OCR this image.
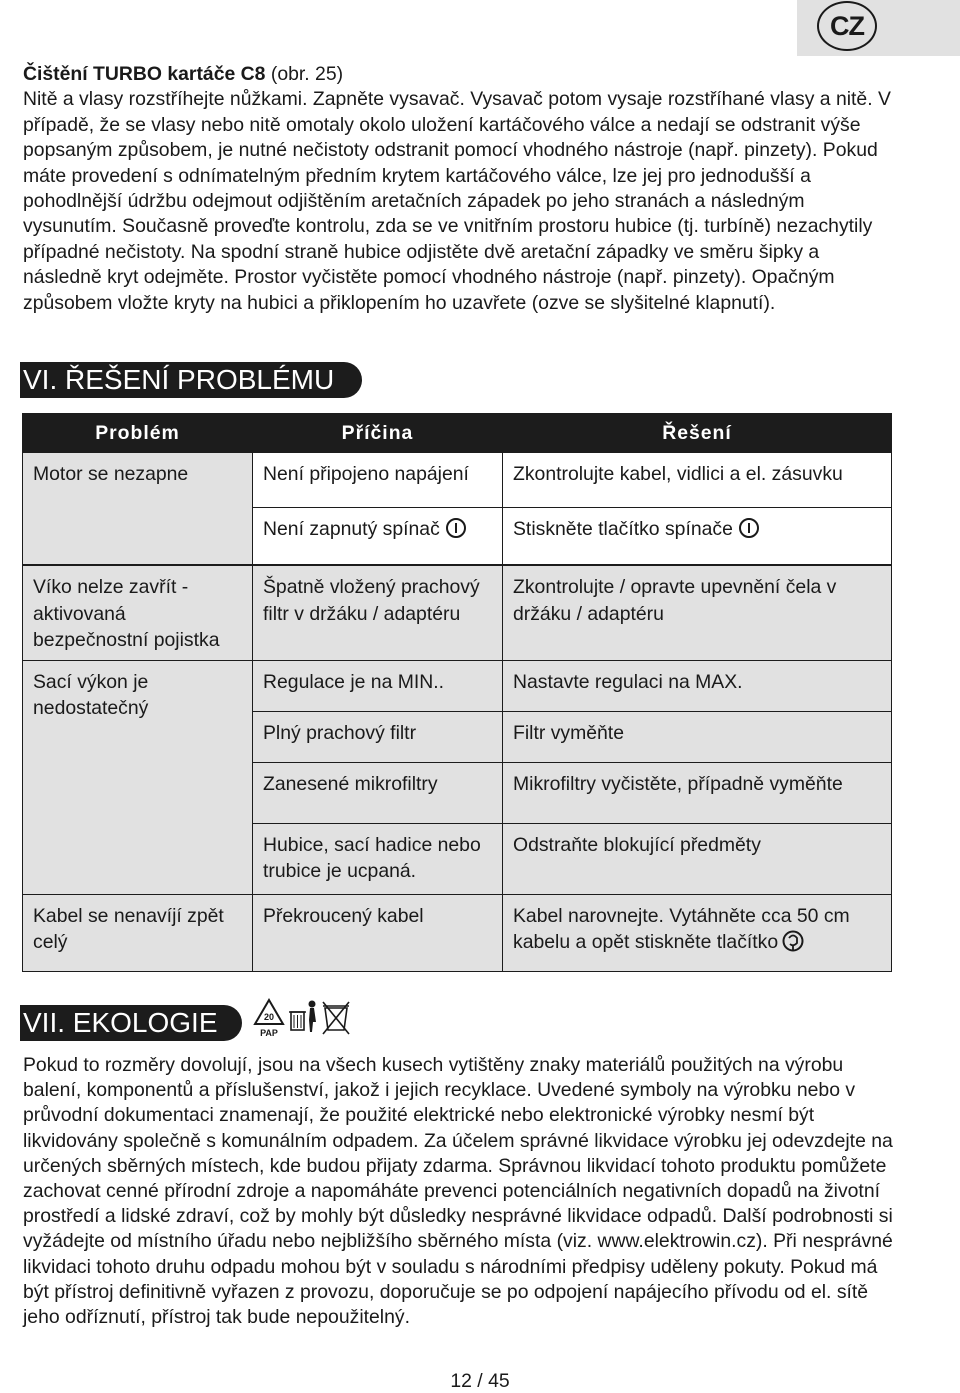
CZ

Čištění TURBO kartáče C8 (obr. 25)
Nitě a vlasy rozstříhejte nůžkami. Zapněte vysavač. Vysavač potom vysaje rozstříhané vlasy a nitě. V případě, že se vlasy nebo nitě omotaly okolo uložení kartáčového válce a nedají se odstranit výše popsaným způsobem, je nutné nečistoty odstranit pomocí vhodného nástroje (např. pinzety). Pokud máte provedení s odnímatelným předním krytem kartáčového válce, lze jej pro jednodušší a pohodlnější údržbu odejmout odjištěním aretačních západek po jeho stranách a následným vysunutím. Současně proveďte kontrolu, zda se ve vnitřním prostoru hubice (tj. turbíně) nezachytily případné nečistoty. Na spodní straně hubice odjistěte dvě aretační západky ve směru šipky a následně kryt odejměte. Prostor vyčistěte pomocí vhodného nástroje (např. pinzety). Opačným způsobem vložte kryty na hubici a přiklopením ho uzavřete (ozve se slyšitelné klapnutí).

VI. ŘEŠENÍ PROBLÉMU
Problém	Příčina	Řešení
Motor se nezapne	Není připojeno napájení	Zkontrolujte kabel, vidlici a el. zásuvku
	Není zapnutý spínač	Stiskněte tlačítko spínače
Víko nelze zavřít - aktivovaná bezpečnostní pojistka	Špatně vložený prachový filtr v držáku / adaptéru	Zkontrolujte / opravte upevnění čela v držáku / adaptéru
Sací výkon je nedostatečný	Regulace je na MIN..	Nastavte regulaci na MAX.
	Plný prachový filtr	Filtr vyměňte
	Zanesené mikrofiltry	Mikrofiltry vyčistěte, případně vyměňte
	Hubice, sací hadice nebo trubice je ucpaná.	Odstraňte blokující předměty
Kabel se nenavíjí zpět celý	Překroucený kabel	Kabel narovnejte. Vytáhněte cca 50 cm kabelu a opět stiskněte tlačítko
VII. EKOLOGIE	20
PAP

Pokud to rozměry dovolují, jsou na všech kusech vytištěny znaky materiálů použitých na výrobu balení, komponentů a příslušenství, jakož i jejich recyklace. Uvedené symboly na výrobku nebo v průvodní dokumentaci znamenají, že použité elektrické nebo elektronické výrobky nesmí být likvidovány společně s komunálním odpadem. Za účelem správné likvidace výrobku jej odevzdejte na určených sběrných místech, kde budou přijaty zdarma. Správnou likvidací tohoto produktu pomůžete zachovat cenné přírodní zdroje a napomáháte prevenci potenciálních negativních dopadů na životní prostředí a lidské zdraví, což by mohly být důsledky nesprávné likvidace odpadů. Další podrobnosti si vyžádejte od místního úřadu nebo nejbližšího sběrného místa (viz. www.elektrowin.cz). Při nesprávné likvidaci tohoto druhu odpadu mohou být v souladu s národními předpisy uděleny pokuty. Pokud má být přístroj definitivně vyřazen z provozu, doporučuje se po odpojení napájecího přívodu od el. sítě jeho odříznutí, přístroj tak bude nepoužitelný.

12 / 45
